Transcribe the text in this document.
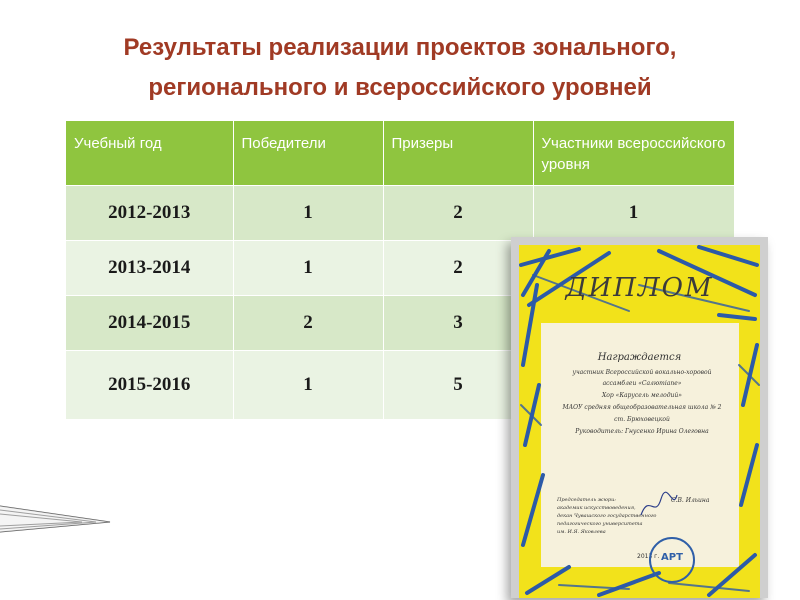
Результаты реализации проектов зонального,
регионального и всероссийского уровней
Учебный год	Победители	Призеры	Участники всероссийского уровня
2012-2013	1	2	1
2013-2014	1	2	
2014-2015	2	3	
2015-2016	1	5	
ДИПЛОМ
Награждается
участник Всероссийской вокально-хоровой
ассамблеи «Салютiane»
Хор «Карусель мелодий»
МАОУ средняя общеобразовательная школа № 2
ст. Брюховецкой
Руководитель: Гнусенко Ирина Олеговна
Председатель жюри:
академик искусствоведения,
декан Чувашского государственного
педагогического университета
им. И.Я. Яковлева
С.В. Ильина
2013 г. АРТ
